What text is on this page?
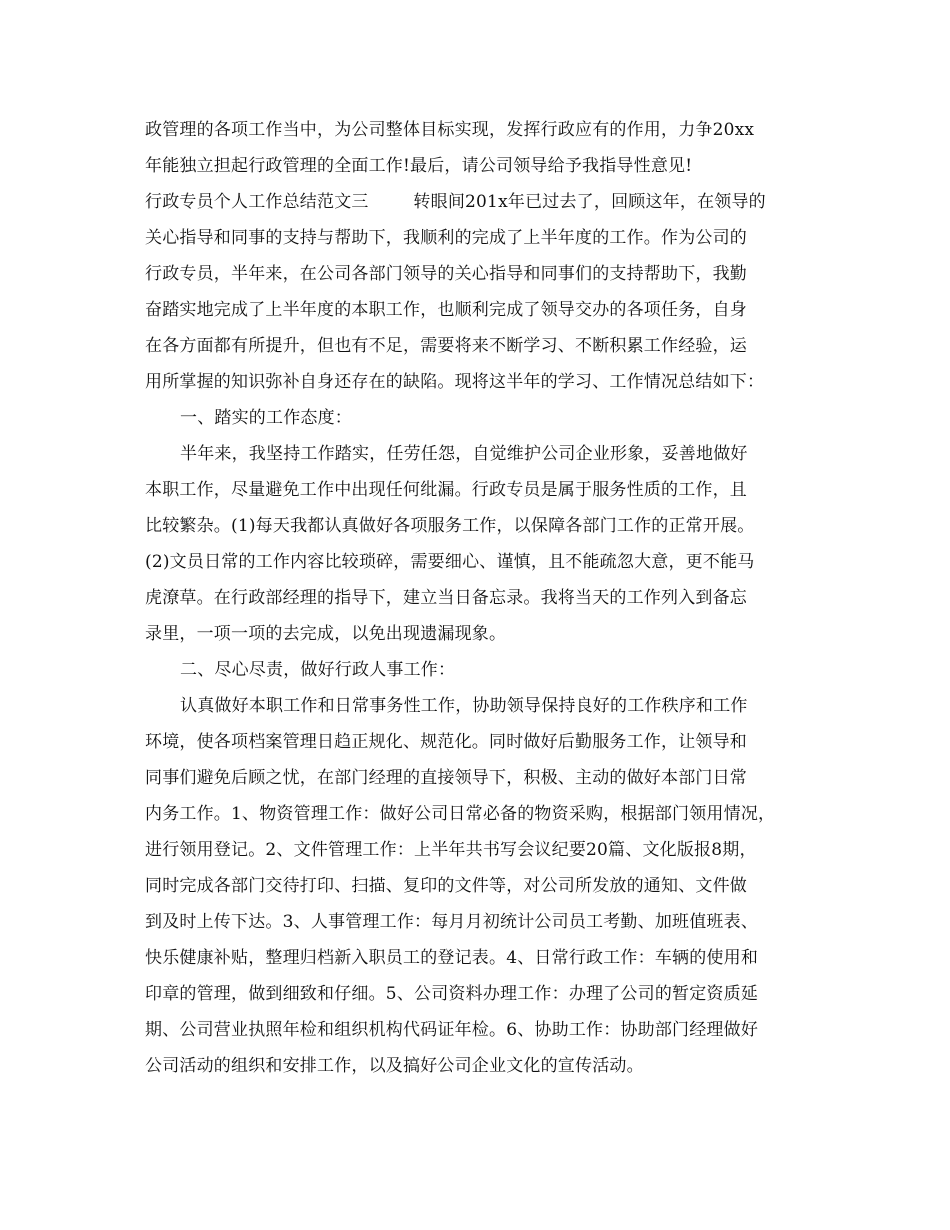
政管理的各项工作当中，为公司整体目标实现，发挥行政应有的作用，力争20xx
年能独立担起行政管理的全面工作!最后，请公司领导给予我指导性意见!
行政专员个人工作总结范文三        转眼间201x年已过去了，回顾这年，在领导的
关心指导和同事的支持与帮助下，我顺利的完成了上半年度的工作。作为公司的
行政专员，半年来，在公司各部门领导的关心指导和同事们的支持帮助下，我勤
奋踏实地完成了上半年度的本职工作，也顺利完成了领导交办的各项任务，自身
在各方面都有所提升，但也有不足，需要将来不断学习、不断积累工作经验，运
用所掌握的知识弥补自身还存在的缺陷。现将这半年的学习、工作情况总结如下：
一、踏实的工作态度：
半年来，我坚持工作踏实，任劳任怨，自觉维护公司企业形象，妥善地做好
本职工作，尽量避免工作中出现任何纰漏。行政专员是属于服务性质的工作，且
比较繁杂。(1)每天我都认真做好各项服务工作，以保障各部门工作的正常开展。
(2)文员日常的工作内容比较琐碎，需要细心、谨慎，且不能疏忽大意，更不能马
虎潦草。在行政部经理的指导下，建立当日备忘录。我将当天的工作列入到备忘
录里，一项一项的去完成，以免出现遗漏现象。
二、尽心尽责，做好行政人事工作：
认真做好本职工作和日常事务性工作，协助领导保持良好的工作秩序和工作
环境，使各项档案管理日趋正规化、规范化。同时做好后勤服务工作，让领导和
同事们避免后顾之忧，在部门经理的直接领导下，积极、主动的做好本部门日常
内务工作。1、物资管理工作：做好公司日常必备的物资采购，根据部门领用情况，
进行领用登记。2、文件管理工作：上半年共书写会议纪要20篇、文化版报8期，
同时完成各部门交待打印、扫描、复印的文件等，对公司所发放的通知、文件做
到及时上传下达。3、人事管理工作：每月月初统计公司员工考勤、加班值班表、
快乐健康补贴，整理归档新入职员工的登记表。4、日常行政工作：车辆的使用和
印章的管理，做到细致和仔细。5、公司资料办理工作：办理了公司的暂定资质延
期、公司营业执照年检和组织机构代码证年检。6、协助工作：协助部门经理做好
公司活动的组织和安排工作，以及搞好公司企业文化的宣传活动。
